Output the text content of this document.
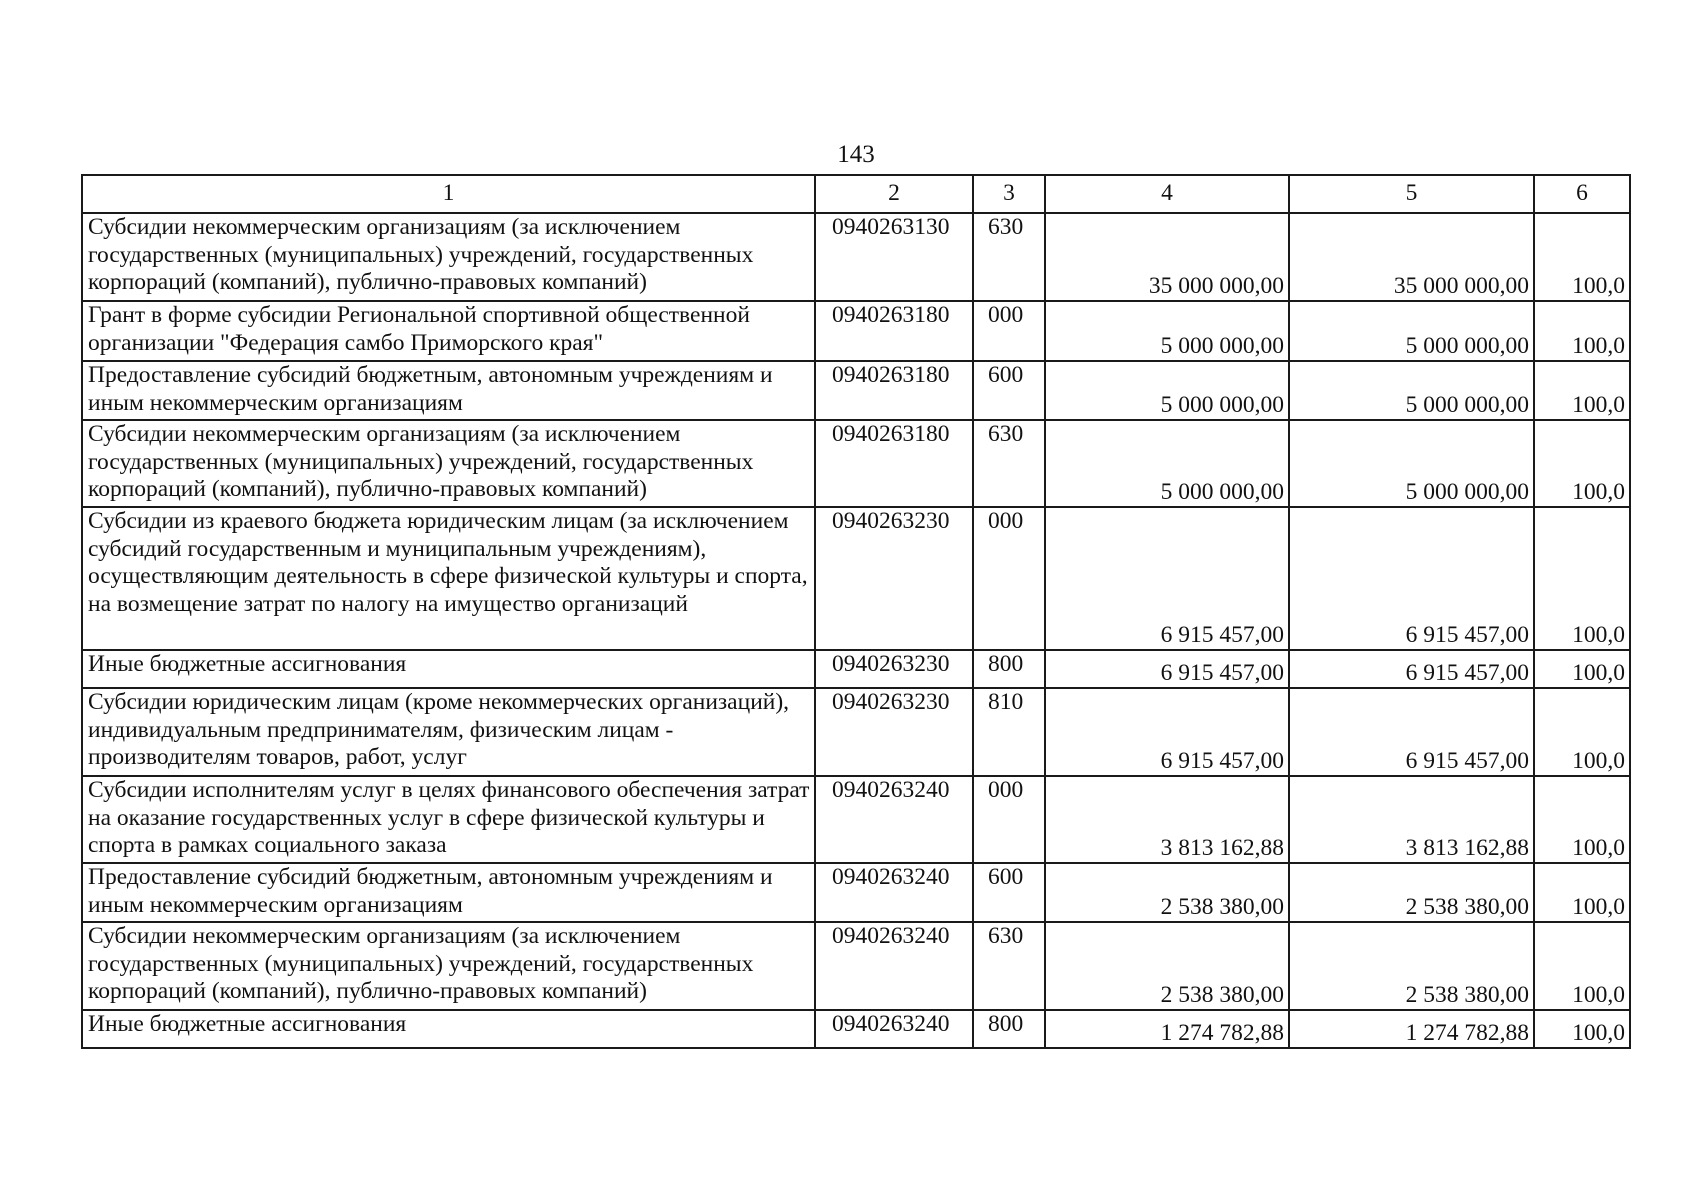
143
1	2	3	4	5	6
Субсидии некоммерческим организациям (за исключением государственных (муниципальных) учреждений, государственных корпораций (компаний), публично-правовых компаний)	0940263130	630	35 000 000,00	35 000 000,00	100,0
Грант в форме субсидии Региональной спортивной общественной организации "Федерация самбо Приморского края"	0940263180	000	5 000 000,00	5 000 000,00	100,0
Предоставление субсидий бюджетным, автономным учреждениям и иным некоммерческим организациям	0940263180	600	5 000 000,00	5 000 000,00	100,0
Субсидии некоммерческим организациям (за исключением государственных (муниципальных) учреждений, государственных корпораций (компаний), публично-правовых компаний)	0940263180	630	5 000 000,00	5 000 000,00	100,0
Субсидии из краевого бюджета юридическим лицам (за исключением субсидий государственным и муниципальным учреждениям), осуществляющим деятельность в сфере физической культуры и спорта, на возмещение затрат по налогу на имущество организаций	0940263230	000	6 915 457,00	6 915 457,00	100,0
Иные бюджетные ассигнования	0940263230	800	6 915 457,00	6 915 457,00	100,0
Субсидии юридическим лицам (кроме некоммерческих организаций), индивидуальным предпринимателям, физическим лицам - производителям товаров, работ, услуг	0940263230	810	6 915 457,00	6 915 457,00	100,0
Субсидии исполнителям услуг в целях финансового обеспечения затрат на оказание государственных услуг в сфере физической культуры и спорта в рамках социального заказа	0940263240	000	3 813 162,88	3 813 162,88	100,0
Предоставление субсидий бюджетным, автономным учреждениям и иным некоммерческим организациям	0940263240	600	2 538 380,00	2 538 380,00	100,0
Субсидии некоммерческим организациям (за исключением государственных (муниципальных) учреждений, государственных корпораций (компаний), публично-правовых компаний)	0940263240	630	2 538 380,00	2 538 380,00	100,0
Иные бюджетные ассигнования	0940263240	800	1 274 782,88	1 274 782,88	100,0
